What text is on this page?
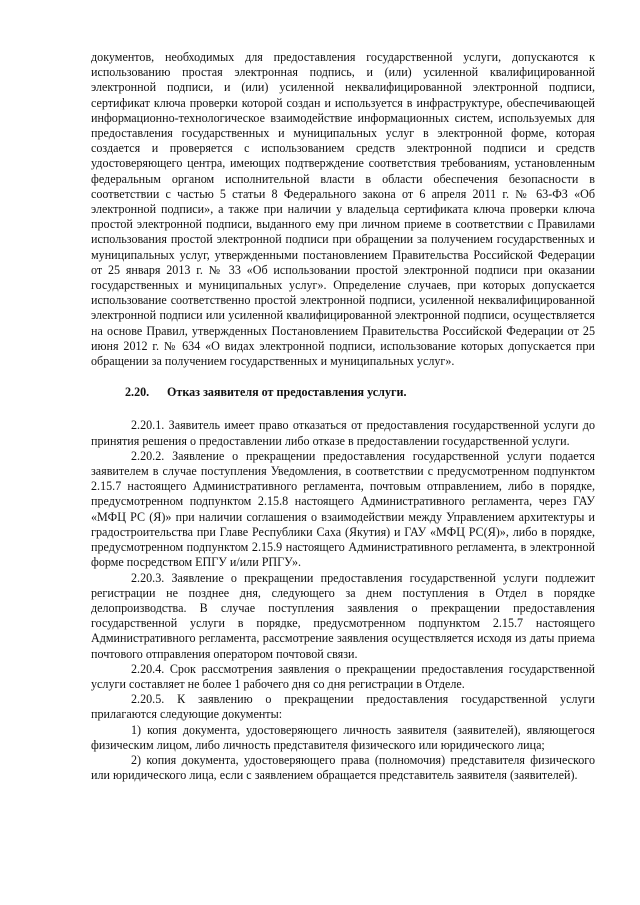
документов, необходимых для предоставления государственной услуги, допускаются к использованию простая электронная подпись, и (или) усиленной квалифицированной электронной подписи, и (или) усиленной неквалифицированной электронной подписи, сертификат ключа проверки которой создан и используется в инфраструктуре, обеспечивающей информационно-технологическое взаимодействие информационных систем, используемых для предоставления государственных и муниципальных услуг в электронной форме, которая создается и проверяется с использованием средств электронной подписи и средств удостоверяющего центра, имеющих подтверждение соответствия требованиям, установленным федеральным органом исполнительной власти в области обеспечения безопасности в соответствии с частью 5 статьи 8 Федерального закона от 6 апреля 2011 г. № 63-ФЗ «Об электронной подписи», а также при наличии у владельца сертификата ключа проверки ключа простой электронной подписи, выданного ему при личном приеме в соответствии с Правилами использования простой электронной подписи при обращении за получением государственных и муниципальных услуг, утвержденными постановлением Правительства Российской Федерации от 25 января 2013 г. № 33 «Об использовании простой электронной подписи при оказании государственных и муниципальных услуг». Определение случаев, при которых допускается использование соответственно простой электронной подписи, усиленной неквалифицированной электронной подписи или усиленной квалифицированной электронной подписи, осуществляется на основе Правил, утвержденных Постановлением Правительства Российской Федерации от 25 июня 2012 г. № 634 «О видах электронной подписи, использование которых допускается при обращении за получением государственных и муниципальных услуг».

2.20. Отказ заявителя от предоставления услуги.

2.20.1. Заявитель имеет право отказаться от предоставления государственной услуги до принятия решения о предоставлении либо отказе в предоставлении государственной услуги.

2.20.2. Заявление о прекращении предоставления государственной услуги подается заявителем в случае поступления Уведомления, в соответствии с предусмотренном подпунктом 2.15.7 настоящего Административного регламента, почтовым отправлением, либо в порядке, предусмотренном подпунктом 2.15.8 настоящего Административного регламента, через ГАУ «МФЦ РС (Я)» при наличии соглашения о взаимодействии между Управлением архитектуры и градостроительства при Главе Республики Саха (Якутия) и ГАУ «МФЦ РС(Я)», либо в порядке, предусмотренном подпунктом 2.15.9 настоящего Административного регламента, в электронной форме посредством ЕПГУ и/или РПГУ».

2.20.3. Заявление о прекращении предоставления государственной услуги подлежит регистрации не позднее дня, следующего за днем поступления в Отдел в порядке делопроизводства. В случае поступления заявления о прекращении предоставления государственной услуги в порядке, предусмотренном подпунктом 2.15.7 настоящего Административного регламента, рассмотрение заявления осуществляется исходя из даты приема почтового отправления оператором почтовой связи.

2.20.4. Срок рассмотрения заявления о прекращении предоставления государственной услуги составляет не более 1 рабочего дня со дня регистрации в Отделе.

2.20.5. К заявлению о прекращении предоставления государственной услуги прилагаются следующие документы:

1) копия документа, удостоверяющего личность заявителя (заявителей), являющегося физическим лицом, либо личность представителя физического или юридического лица;

2) копия документа, удостоверяющего права (полномочия) представителя физического или юридического лица, если с заявлением обращается представитель заявителя (заявителей).
